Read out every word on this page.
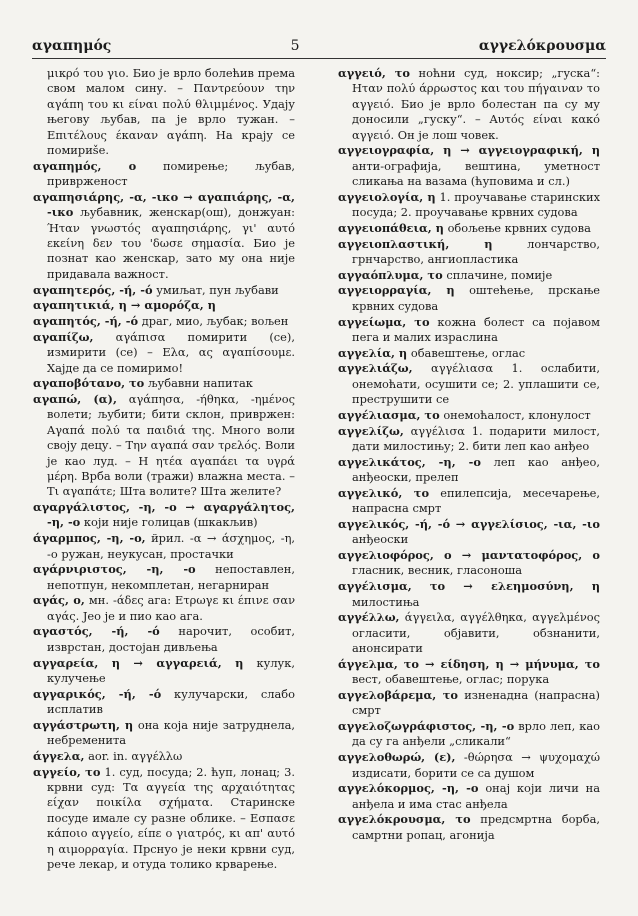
αγαπημός	5	αγγελόκρουσμα

μικρό του γιο. Био је врло болећив према свом малом сину. – Παντρεύουν την αγάπη του κι είναι πολύ θλιμμένος. Удају његову љубав, па је врло тужан. – Επιτέλους έκαναν αγάπη. На крају се помириše.

αγαπημός, ο помирење; љубав, привржeност

αγαπησιάρης, -α, -ικο → αγαπιάρης, -α, -ικο љубавник, женскар(ош), донжуан: Ήταν γνωστός αγαπησιάρης, γι' αυτό εκείνη δεν του 'δωσε σημασία. Био је познат као женскар, зато му она није придавала важност.

αγαπητερός, -ή, -ό умиљат, пун љубави

αγαπητικιά, η → αμορόζα, η

αγαπητός, -ή, -ό драг, мио, љубак; вољен

αγαπίζω, αγάπισα помирити (се), измирити (се) – Ελα, ας αγαπίσουμε. Хајде да се помиримо!

αγαποβότανο, το љубавни напитак

αγαπώ, (α), αγάπησα, -ήθηκα, -ημένος волети; љубити; бити склон, привржен: Αγαπά πολύ τα παιδιά της. Много воли своју децу. – Την αγαπά σαν τρελός. Воли је као луд. – Η ητέα αγαπάει τα υγρά μέρη. Врба воли (тражи) влажна места. – Τι αγαπάτε; Шта волите? Шта желите?

αγαργάλιστος, -η, -ο → αγαργάλητος, -η, -ο који није голицав (шкакљив)

άγαρμπος, -η, -ο, йрил. -α → άσχημος, -η, -ο ружан, неукусан, простачки

αγάρνιριστος, -η, -ο непоставлен, непотпун, некомплетан, негарниран

αγάς, ο, мн. -άδες ага: Ετρωγε κι έπινε σαν αγάς. Јео је и пио као ага.

αγαστός, -ή, -ό нарочит, особит, изврстан, достојан дивљења

αγγαρεία, η → αγγαρειά, η кулук, кулучење

αγγαρικός, -ή, -ό кулучарски, слабо исплатив

αγγάστρωτη, η она која није затруднела, небременита

άγγελα, aor. in. αγγέλλω

αγγείο, το 1. суд, посуда; 2. ћуп, лонац; 3. крвни суд: Τα αγγεία της αρχαιότητας είχαν ποικίλα σχήματα. Старинске посуде имале су разне облике. – Εσπασε κάποιο αγγείο, είπε ο γιατρός, κι απ' αυτό η αιμορραγία. Прснуо је неки крвни суд, рече лекар, и отуда толико крварење.

αγγειό, το ноћни суд, ноксир; „гуска“: Ηταν πολύ άρρωστος και του πήγαιναν το αγγειό. Био је врло болестан па су му доносили „гуску“. – Αυτός είναι κακό αγγειό. Он је лош човек.

αγγειογραφία, η → αγγειογραφική, η анти-ографија, вештина, уметност сликања на вазама (ћуповима и сл.)

αγγειολογία, η 1. проучавање старинских посуда; 2. проучавање крвних судова

αγγειοπάθεια, η обољење крвних судова

αγγειοπλαστική, η	лончарство, грнчарство, ангиопластика

αγγαόπλυμα, το сплачине, помије

αγγειορραγία, η оштећење, прскање крвних судова

αγγείωμα, το кожна болест са појавом пега и малих израслина

αγγελία, η обавештење, оглас

αγγελιάζω, αγγέλιασα 1. ослабити, онемоћати, осушити се; 2. уплашити се, преструшити се

αγγέλιασμα, το онемоћалост, клонулост

αγγελίζω, αγγέλισα 1. подарити милост, дати милостињу; 2. бити леп као анђео

αγγελικάτος, -η, -ο леп као анђео, анђеоски, прелеп

αγγελικό, το епилепсија, месечарење, напрасна смрт

αγγελικός, -ή, -ό → αγγελίσιος, -ια, -ιο анђеоски

αγγελιοφόρος, ο → μαντατοφόρος, ο гласник, весник, гласоноша

αγγέλισμα, το → ελεημοσύνη, η милостиња

αγγέλλω, άγγειλα, αγγέλθηκα, αγγελμένος огласити, објавити, обзнанити, анонсирати

άγγελμα, το → είδηση, η → μήνυμα, το вест, обавештење, оглас; порука

αγγελοβάρεμα, το изненадна (напрасна) смрт

αγγελοζωγράφιστος, -η, -ο врло леп, као да су га анђели „сликали“

αγγελοθωρώ, (ε), -θώρησα → ψυχομαχώ издисати, борити се са душом

αγγελόκορμος, -η, -ο онај који личи на анђела и има стас анђела

αγγελόκρουσμα, το предсмртна борба, самртни ропац, агонија
